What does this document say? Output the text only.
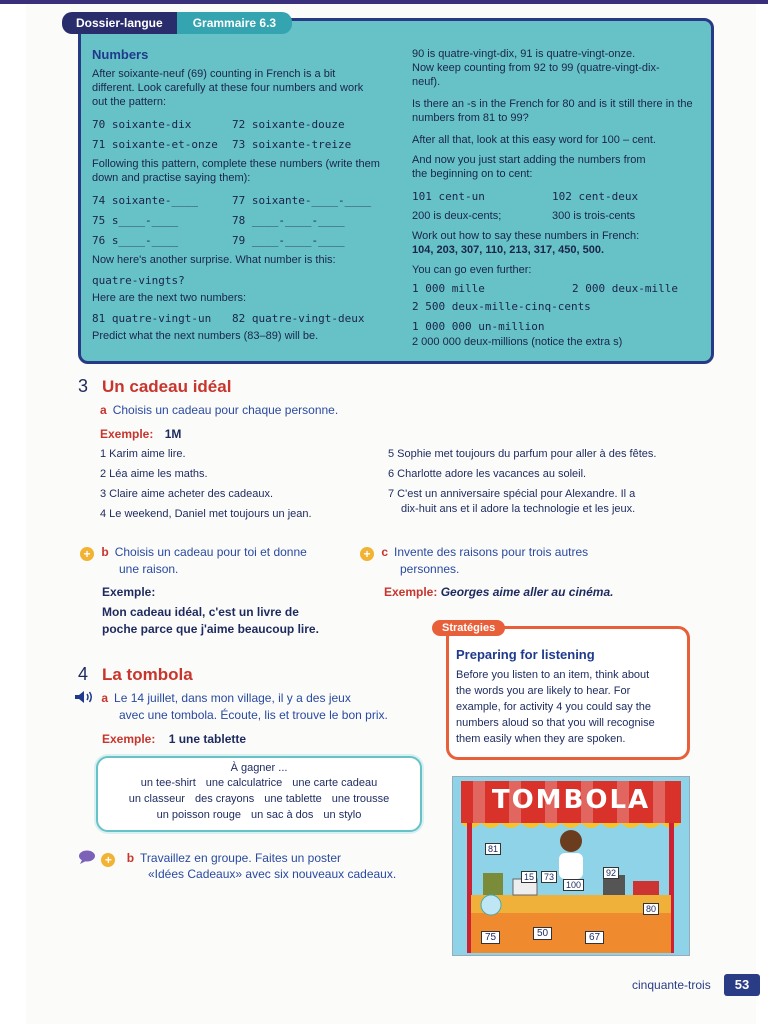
Dossier-langue	Grammaire 6.3
Numbers
After soixante-neuf (69) counting in French is a bit
different. Look carefully at these four numbers and work
out the pattern:
70 soixante-dix	72 soixante-douze
71 soixante-et-onze 73 soixante-treize
Following this pattern, complete these numbers (write them
down and practise saying them):
74 soixante-____	77 soixante-____-____
75 s____-____	78 ____-____-____
76 s____-____	79 ____-____-____
Now here's another surprise. What number is this:
quatre-vingts?
Here are the next two numbers:
81 quatre-vingt-un 82 quatre-vingt-deux
Predict what the next numbers (83–89) will be.
90 is quatre-vingt-dix, 91 is quatre-vingt-onze.
Now keep counting from 92 to 99 (quatre-vingt-dix-
neuf).
Is there an -s in the French for 80 and is it still there in the
numbers from 81 to 99?
After all that, look at this easy word for 100 – cent.
And now you just start adding the numbers from
the beginning on to cent:
101 cent-un	102 cent-deux
200 is deux-cents;	300 is trois-cents
Work out how to say these numbers in French:
104, 203, 307, 110, 213, 317, 450, 500.
You can go even further:
1 000 mille	2 000 deux-mille
2 500 deux-mille-cinq-cents
1 000 000 un-million
2 000 000 deux-millions (notice the extra s)
3 Un cadeau idéal
a Choisis un cadeau pour chaque personne.
Exemple: 1M
1 Karim aime lire.
2 Léa aime les maths.
3 Claire aime acheter des cadeaux.
4 Le weekend, Daniel met toujours un jean.
5 Sophie met toujours du parfum pour aller à des fêtes.
6 Charlotte adore les vacances au soleil.
7 C'est un anniversaire spécial pour Alexandre. Il a
dix-huit ans et il adore la technologie et les jeux.
+ b Choisis un cadeau pour toi et donne
une raison.
Exemple:
Mon cadeau idéal, c'est un livre de
poche parce que j'aime beaucoup lire.
+ c Invente des raisons pour trois autres
personnes.
Exemple: Georges aime aller au cinéma.
Stratégies
Preparing for listening
Before you listen to an item, think about
the words you are likely to hear. For
example, for activity 4 you could say the
numbers aloud so that you will recognise
them easily when they are spoken.
4 La tombola
a Le 14 juillet, dans mon village, il y a des jeux
avec une tombola. Écoute, lis et trouve le bon prix.
Exemple: 1 une tablette
À gagner ...
un tee-shirt une calculatrice une carte cadeau
un classeur des crayons une tablette une trousse
un poisson rouge un sac à dos un stylo
+ b Travaillez en groupe. Faites un poster
«Idées Cadeaux» avec six nouveaux cadeaux.
TOMBOLA
81
15	73
100
92
80
75	50	67
cinquante-trois	53
